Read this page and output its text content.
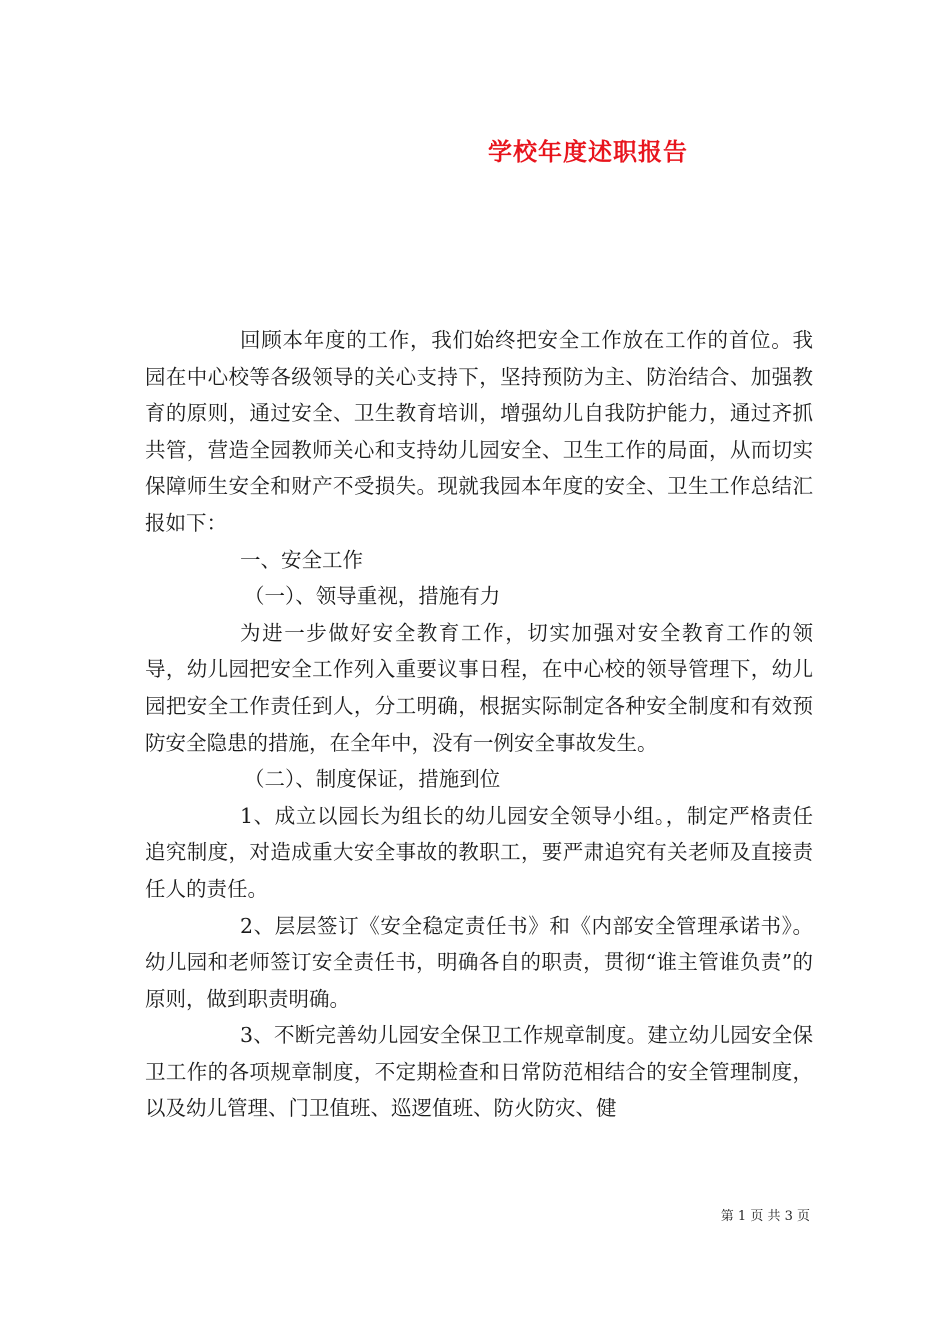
学校年度述职报告

回顾本年度的工作，我们始终把安全工作放在工作的首位。我园在中心校等各级领导的关心支持下，坚持预防为主、防治结合、加强教育的原则，通过安全、卫生教育培训，增强幼儿自我防护能力，通过齐抓共管，营造全园教师关心和支持幼儿园安全、卫生工作的局面，从而切实保障师生安全和财产不受损失。现就我园本年度的安全、卫生工作总结汇报如下：

一、安全工作

（一）、领导重视，措施有力

为进一步做好安全教育工作，切实加强对安全教育工作的领导，幼儿园把安全工作列入重要议事日程，在中心校的领导管理下，幼儿园把安全工作责任到人，分工明确，根据实际制定各种安全制度和有效预防安全隐患的措施，在全年中，没有一例安全事故发生。

（二）、制度保证，措施到位

1、成立以园长为组长的幼儿园安全领导小组。，制定严格责任追究制度，对造成重大安全事故的教职工，要严肃追究有关老师及直接责任人的责任。

2、层层签订《安全稳定责任书》和《内部安全管理承诺书》。幼儿园和老师签订安全责任书，明确各自的职责，贯彻“谁主管谁负责”的原则，做到职责明确。

3、不断完善幼儿园安全保卫工作规章制度。建立幼儿园安全保卫工作的各项规章制度，不定期检查和日常防范相结合的安全管理制度，以及幼儿管理、门卫值班、巡逻值班、防火防灾、健

第 1 页 共 3 页
